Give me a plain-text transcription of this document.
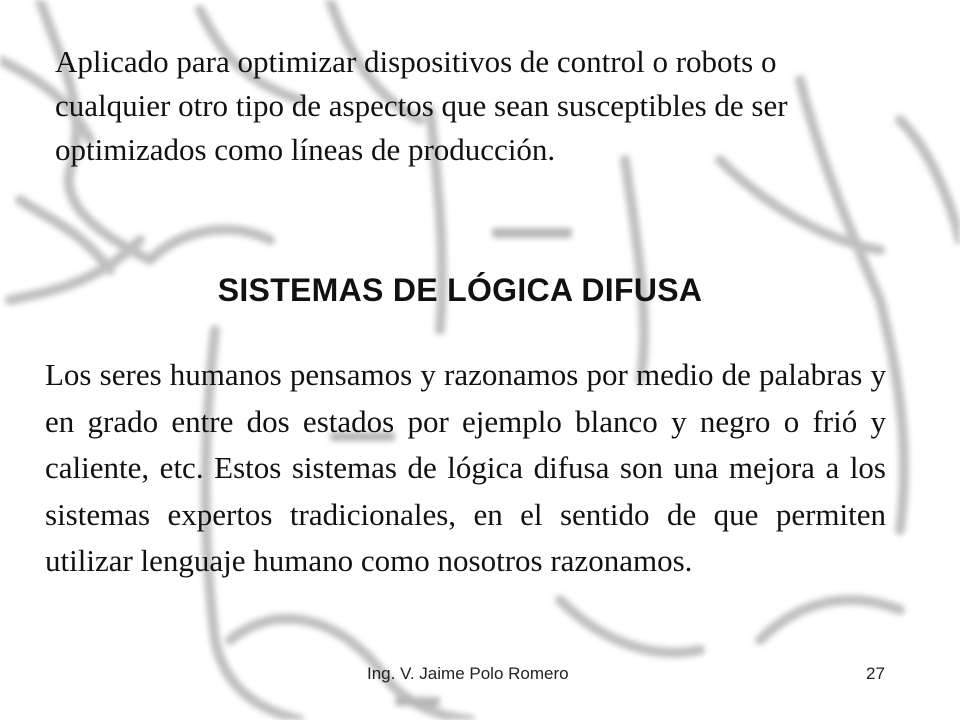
Aplicado para optimizar dispositivos de control o robots o cualquier otro tipo de aspectos que sean susceptibles de ser optimizados como líneas de producción.

SISTEMAS DE LÓGICA DIFUSA

Los seres humanos pensamos y razonamos por medio de palabras y en grado entre dos estados por ejemplo blanco y negro o frió y caliente, etc. Estos sistemas de lógica difusa son una mejora a los sistemas expertos tradicionales, en el sentido de que permiten utilizar lenguaje humano como nosotros razonamos.

Ing. V. Jaime Polo Romero	27
